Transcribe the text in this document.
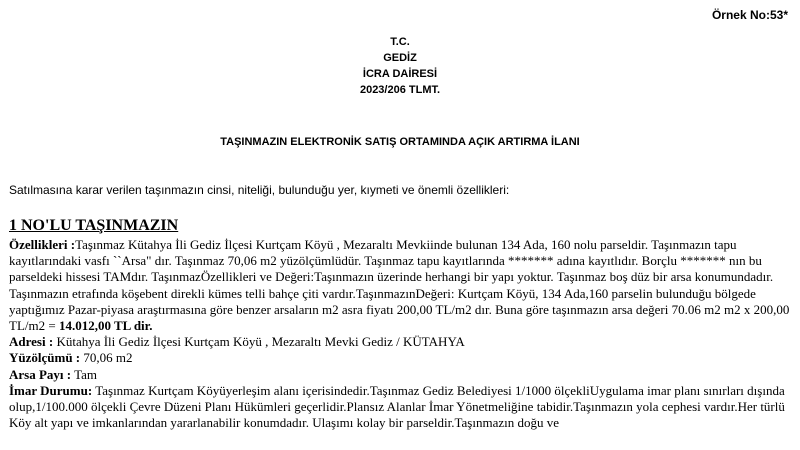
Örnek No:53*
T.C.
GEDİZ
İCRA DAİRESİ
2023/206 TLMT.
TAŞINMAZIN ELEKTRONİK SATIŞ ORTAMINDA AÇIK ARTIRMA İLANI
Satılmasına karar verilen taşınmazın cinsi, niteliği, bulunduğu yer, kıymeti ve önemli özellikleri:
1 NO'LU TAŞINMAZIN

Özellikleri :Taşınmaz Kütahya İli Gediz İlçesi Kurtçam Köyü , Mezaraltı Mevkiinde bulunan 134 Ada, 160 nolu parseldir. Taşınmazın tapu kayıtlarındaki vasfı ``Arsa" dır. Taşınmaz 70,06 m2 yüzölçümlüdür. Taşınmaz tapu kayıtlarında ******* adına kayıtlıdır. Borçlu ******* nın bu parseldeki hissesi TAMdır. TaşınmazÖzellikleri ve Değeri:Taşınmazın üzerinde herhangi bir yapı yoktur. Taşınmaz boş düz bir arsa konumundadır. Taşınmazın etrafında köşebent direkli kümes telli bahçe çiti vardır.TaşınmazınDeğeri: Kurtçam Köyü, 134 Ada,160 parselin bulunduğu bölgede yaptığımız Pazar-piyasa araştırmasına göre benzer arsaların m2 asra fiyatı 200,00 TL/m2 dır. Buna göre taşınmazın arsa değeri 70.06 m2 m2 x 200,00 TL/m2 = 14.012,00 TL dir.

Adresi : Kütahya İli Gediz İlçesi Kurtçam Köyü , Mezaraltı Mevki Gediz / KÜTAHYA

Yüzölçümü : 70,06 m2

Arsa Payı : Tam

İmar Durumu: Taşınmaz Kurtçam Köyüyerleşim alanı içerisindedir.Taşınmaz Gediz Belediyesi 1/1000 ölçekliUygulama imar planı sınırları dışında olup,1/100.000 ölçekli Çevre Düzeni Planı Hükümleri geçerlidir.Plansız Alanlar İmar Yönetmeliğine tabidir.Taşınmazın yola cephesi vardır.Her türlü Köy alt yapı ve imkanlarından yararlanabilir konumdadır. Ulaşımı kolay bir parseldir.Taşınmazın doğu ve
